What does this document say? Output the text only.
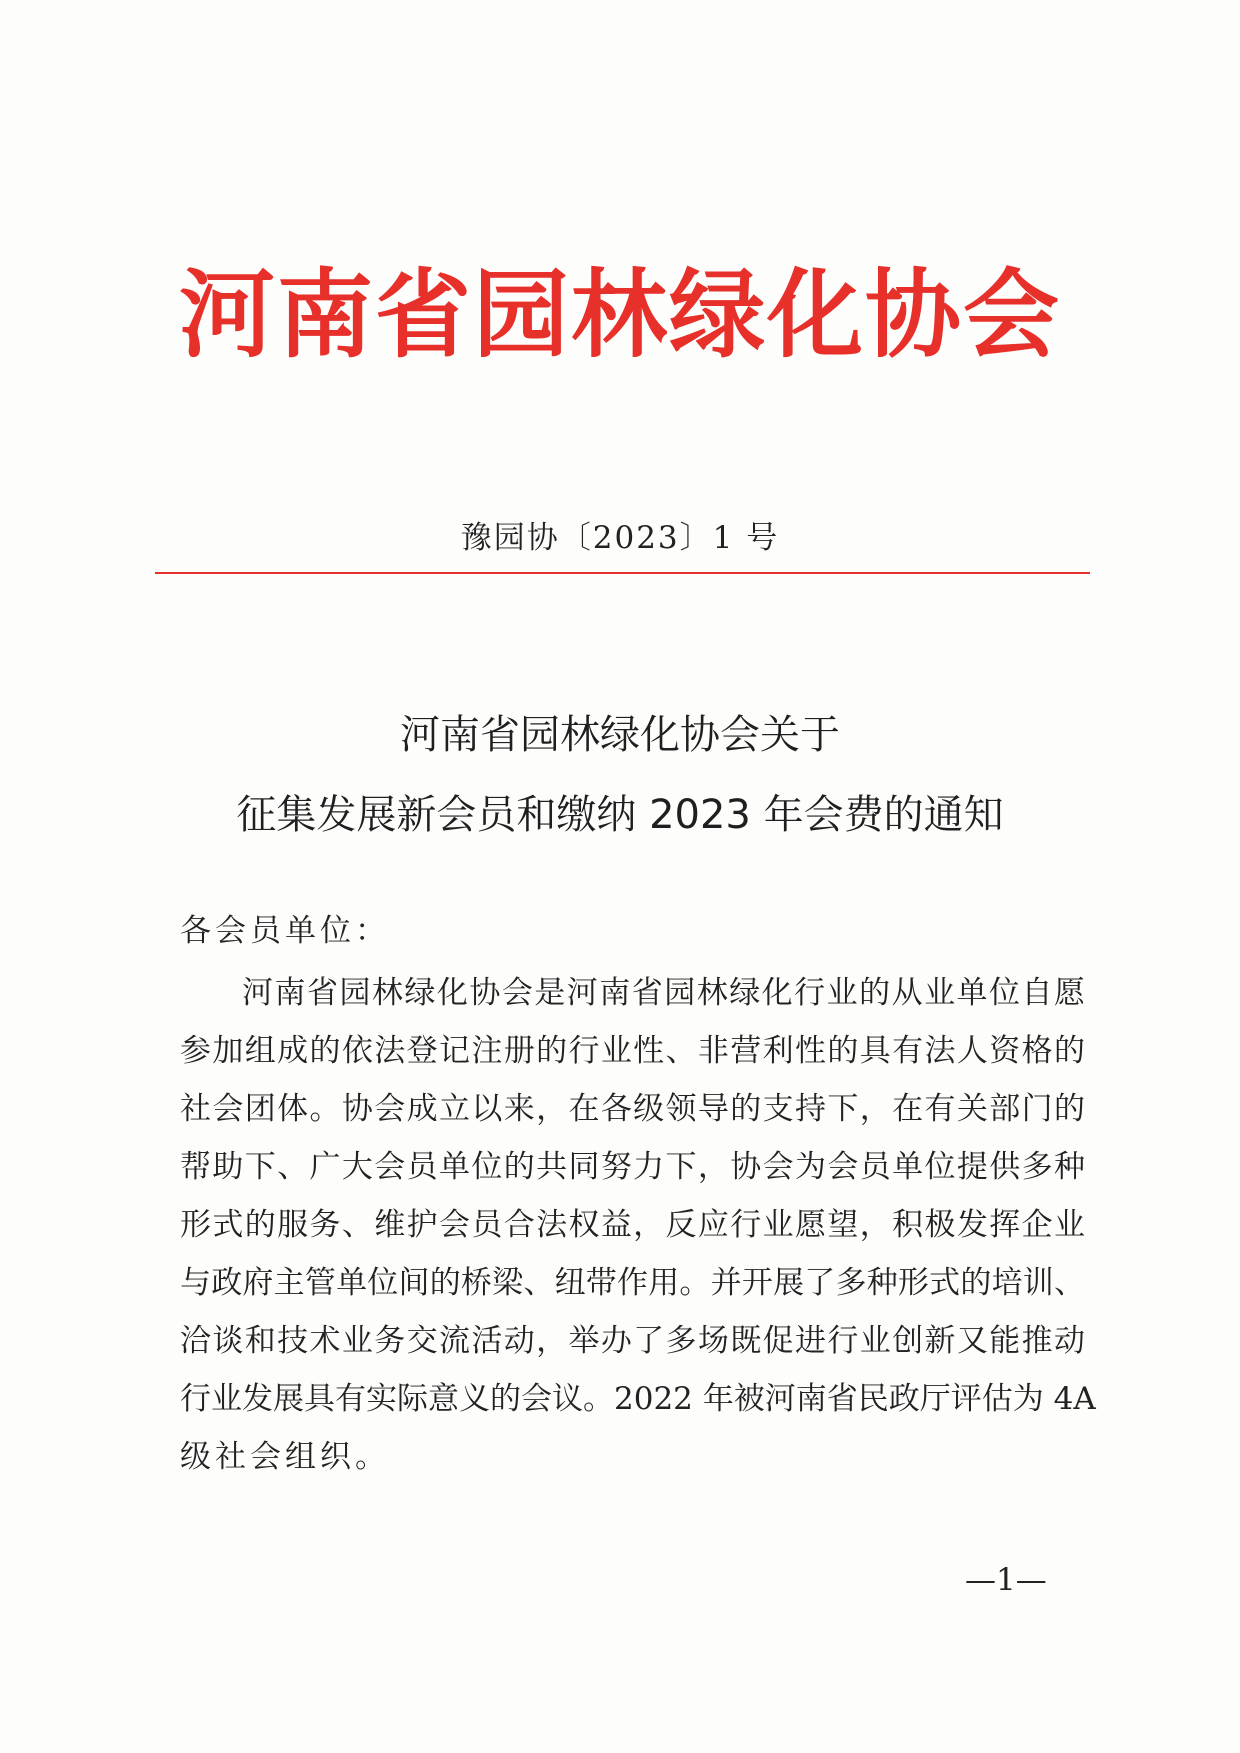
河南省园林绿化协会
豫园协〔2023〕1 号
河南省园林绿化协会关于
征集发展新会员和缴纳 2023 年会费的通知
各会员单位：
河南省园林绿化协会是河南省园林绿化行业的从业单位自愿
参加组成的依法登记注册的行业性、非营利性的具有法人资格的
社会团体。协会成立以来，在各级领导的支持下，在有关部门的
帮助下、广大会员单位的共同努力下，协会为会员单位提供多种
形式的服务、维护会员合法权益，反应行业愿望，积极发挥企业
与政府主管单位间的桥梁、纽带作用。并开展了多种形式的培训、
洽谈和技术业务交流活动，举办了多场既促进行业创新又能推动
行业发展具有实际意义的会议。2022 年被河南省民政厅评估为 4A
级社会组织。
—1—
